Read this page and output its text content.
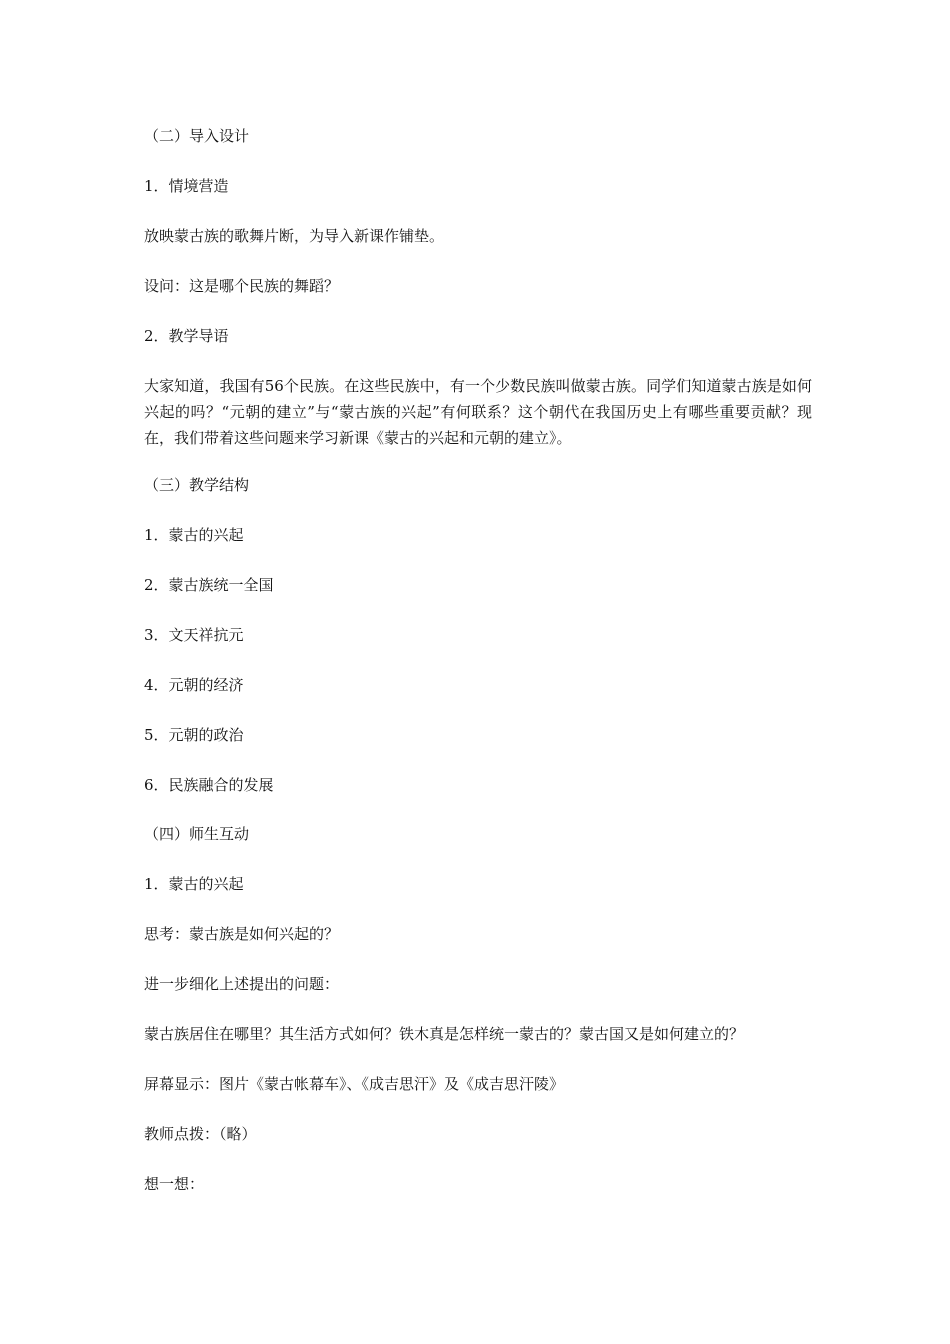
（二）导入设计
1．情境营造
放映蒙古族的歌舞片断，为导入新课作铺垫。
设问：这是哪个民族的舞蹈？
2．教学导语
大家知道，我国有56个民族。在这些民族中，有一个少数民族叫做蒙古族。同学们知道蒙古族是如何兴起的吗？“元朝的建立”与“蒙古族的兴起”有何联系？这个朝代在我国历史上有哪些重要贡献？现在，我们带着这些问题来学习新课《蒙古的兴起和元朝的建立》。
（三）教学结构
1．蒙古的兴起
2．蒙古族统一全国
3．文天祥抗元
4．元朝的经济
5．元朝的政治
6．民族融合的发展
（四）师生互动
1．蒙古的兴起
思考：蒙古族是如何兴起的？
进一步细化上述提出的问题：
蒙古族居住在哪里？其生活方式如何？铁木真是怎样统一蒙古的？蒙古国又是如何建立的？
屏幕显示：图片《蒙古帐幕车》、《成吉思汗》及《成吉思汗陵》
教师点拨：（略）
想一想：
